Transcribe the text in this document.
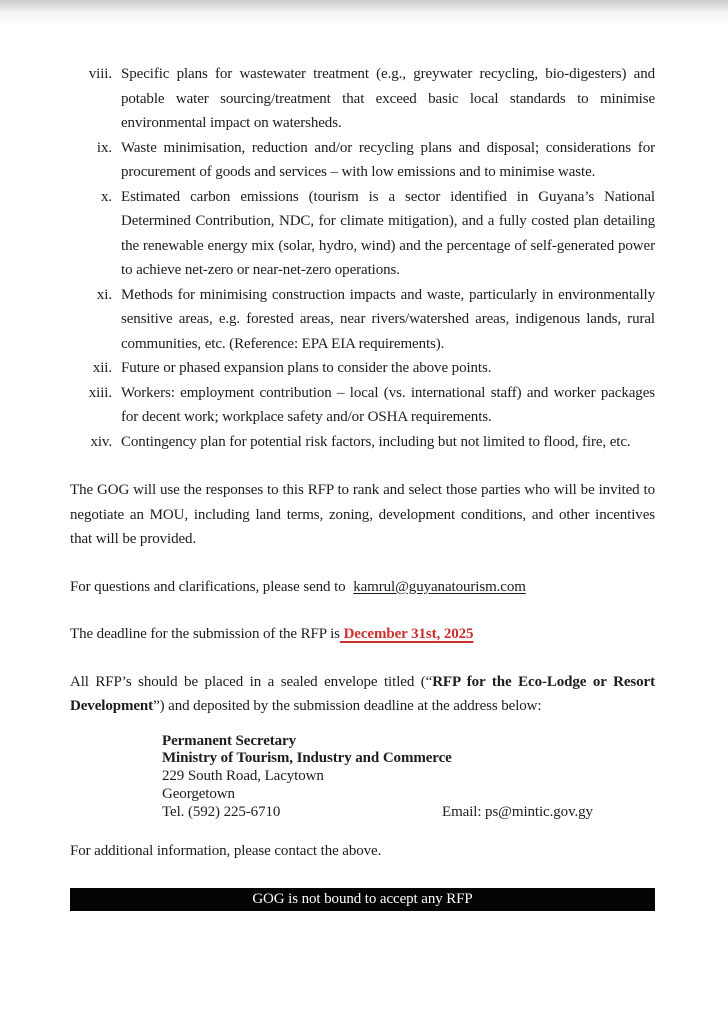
viii. Specific plans for wastewater treatment (e.g., greywater recycling, bio-digesters) and potable water sourcing/treatment that exceed basic local standards to minimise environmental impact on watersheds.
ix. Waste minimisation, reduction and/or recycling plans and disposal; considerations for procurement of goods and services – with low emissions and to minimise waste.
x. Estimated carbon emissions (tourism is a sector identified in Guyana’s National Determined Contribution, NDC, for climate mitigation), and a fully costed plan detailing the renewable energy mix (solar, hydro, wind) and the percentage of self-generated power to achieve net-zero or near-net-zero operations.
xi. Methods for minimising construction impacts and waste, particularly in environmentally sensitive areas, e.g. forested areas, near rivers/watershed areas, indigenous lands, rural communities, etc. (Reference: EPA EIA requirements).
xii. Future or phased expansion plans to consider the above points.
xiii. Workers: employment contribution – local (vs. international staff) and worker packages for decent work; workplace safety and/or OSHA requirements.
xiv. Contingency plan for potential risk factors, including but not limited to flood, fire, etc.

The GOG will use the responses to this RFP to rank and select those parties who will be invited to negotiate an MOU, including land terms, zoning, development conditions, and other incentives that will be provided.

For questions and clarifications, please send to kamrul@guyanatourism.com

The deadline for the submission of the RFP is December 31st, 2025

All RFP’s should be placed in a sealed envelope titled (“RFP for the Eco-Lodge or Resort Development”) and deposited by the submission deadline at the address below:

Permanent Secretary
Ministry of Tourism, Industry and Commerce
229 South Road, Lacytown
Georgetown
Tel. (592) 225-6710	Email: ps@mintic.gov.gy

For additional information, please contact the above.

GOG is not bound to accept any RFP
